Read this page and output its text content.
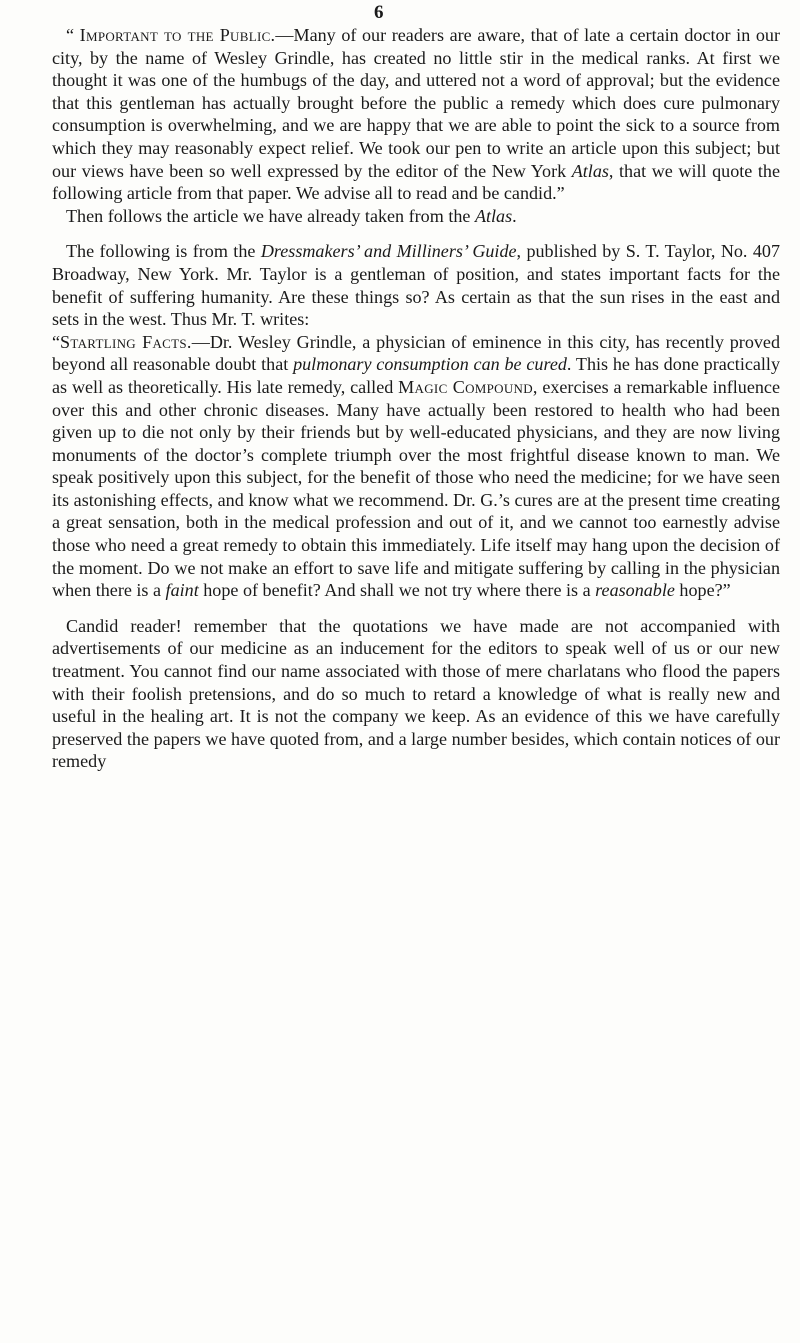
6

“ Important to the Public.—Many of our readers are aware, that of late a certain doctor in our city, by the name of Wesley Grindle, has created no little stir in the medical ranks. At first we thought it was one of the humbugs of the day, and uttered not a word of approval; but the evidence that this gentleman has actually brought before the public a remedy which does cure pulmonary consumption is overwhelming, and we are happy that we are able to point the sick to a source from which they may reasonably expect relief. We took our pen to write an article upon this subject; but our views have been so well expressed by the editor of the New York Atlas, that we will quote the following article from that paper. We advise all to read and be candid.”

Then follows the article we have already taken from the Atlas.

The following is from the Dressmakers’ and Milliners’ Guide, published by S. T. Taylor, No. 407 Broadway, New York. Mr. Taylor is a gentleman of position, and states important facts for the benefit of suffering humanity. Are these things so? As certain as that the sun rises in the east and sets in the west. Thus Mr. T. writes:

“Startling Facts.—Dr. Wesley Grindle, a physician of eminence in this city, has recently proved beyond all reasonable doubt that pulmonary consumption can be cured. This he has done practically as well as theoretically. His late remedy, called Magic Compound, exercises a remarkable influence over this and other chronic diseases. Many have actually been restored to health who had been given up to die not only by their friends but by well-educated physicians, and they are now living monuments of the doctor’s complete triumph over the most frightful disease known to man. We speak positively upon this subject, for the benefit of those who need the medicine; for we have seen its astonishing effects, and know what we recommend. Dr. G.’s cures are at the present time creating a great sensation, both in the medical profession and out of it, and we cannot too earnestly advise those who need a great remedy to obtain this immediately. Life itself may hang upon the decision of the moment. Do we not make an effort to save life and mitigate suffering by calling in the physician when there is a faint hope of benefit? And shall we not try where there is a reasonable hope?”

Candid reader! remember that the quotations we have made are not accompanied with advertisements of our medicine as an inducement for the editors to speak well of us or our new treatment. You cannot find our name associated with those of mere charlatans who flood the papers with their foolish pretensions, and do so much to retard a knowledge of what is really new and useful in the healing art. It is not the company we keep. As an evidence of this we have carefully preserved the papers we have quoted from, and a large number besides, which contain notices of our remedy
